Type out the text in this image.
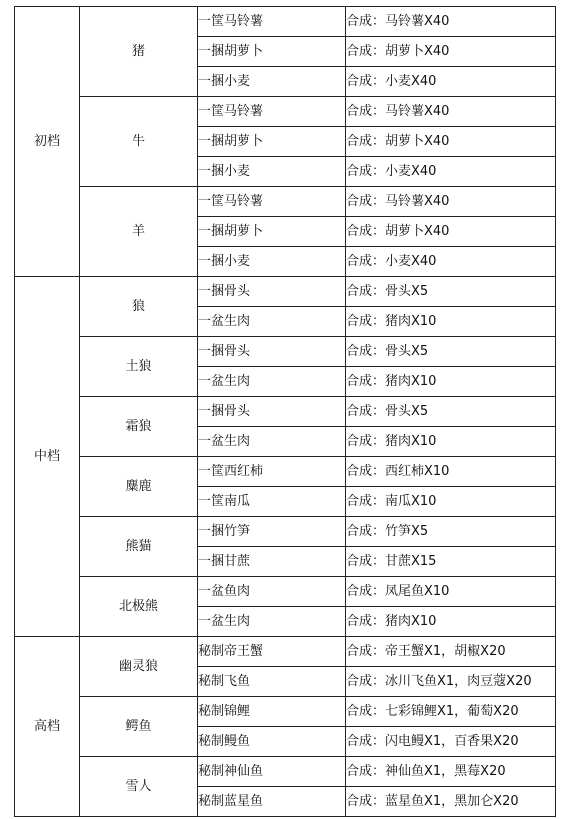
初档	猪	一筐马铃薯	合成：马铃薯X40
		一捆胡萝卜	合成：胡萝卜X40
		一捆小麦	合成：小麦X40
	牛	一筐马铃薯	合成：马铃薯X40
		一捆胡萝卜	合成：胡萝卜X40
		一捆小麦	合成：小麦X40
	羊	一筐马铃薯	合成：马铃薯X40
		一捆胡萝卜	合成：胡萝卜X40
		一捆小麦	合成：小麦X40
中档	狼	一捆骨头	合成：骨头X5
		一盆生肉	合成：猪肉X10
	土狼	一捆骨头	合成：骨头X5
		一盆生肉	合成：猪肉X10
	霜狼	一捆骨头	合成：骨头X5
		一盆生肉	合成：猪肉X10
	麋鹿	一筐西红柿	合成：西红柿X10
		一筐南瓜	合成：南瓜X10
	熊猫	一捆竹笋	合成：竹笋X5
		一捆甘蔗	合成：甘蔗X15
	北极熊	一盆鱼肉	合成：凤尾鱼X10
		一盆生肉	合成：猪肉X10
高档	幽灵狼	秘制帝王蟹	合成：帝王蟹X1，胡椒X20
		秘制飞鱼	合成：冰川飞鱼X1，肉豆蔻X20
	鳄鱼	秘制锦鲤	合成：七彩锦鲤X1，葡萄X20
		秘制鳗鱼	合成：闪电鳗X1，百香果X20
	雪人	秘制神仙鱼	合成：神仙鱼X1，黑莓X20
		秘制蓝星鱼	合成：蓝星鱼X1，黑加仑X20
